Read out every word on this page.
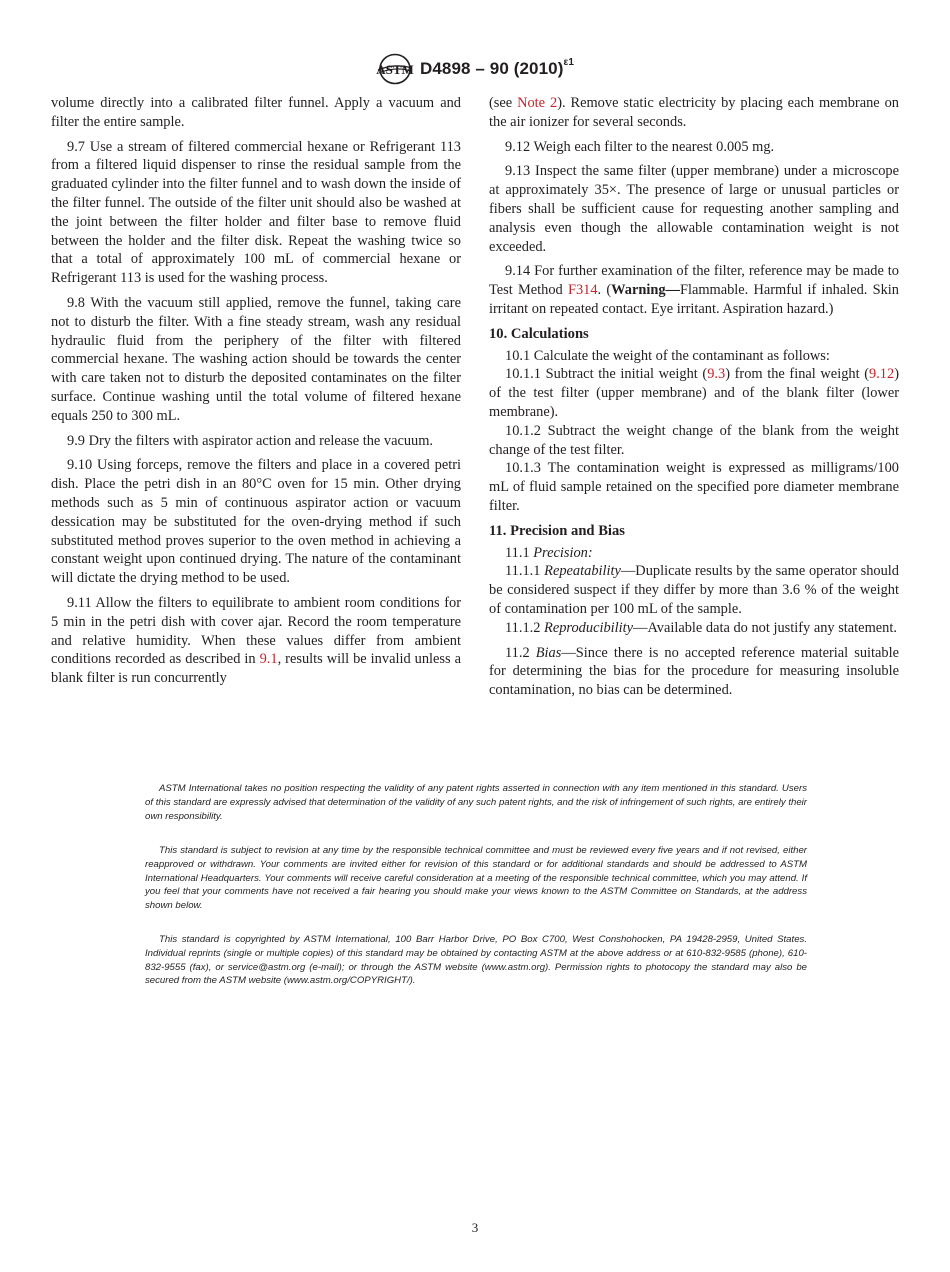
ASTM D4898 – 90 $(2010)^{\varepsilon 1}$

volume directly into a calibrated filter funnel. Apply a vacuum and filter the entire sample.

9.7 Use a stream of filtered commercial hexane or Refrigerant 113 from a filtered liquid dispenser to rinse the residual sample from the graduated cylinder into the filter funnel and to wash down the inside of the filter funnel. The outside of the filter unit should also be washed at the joint between the filter holder and filter base to remove fluid between the holder and the filter disk. Repeat the washing twice so that a total of approximately 100 mL of commercial hexane or Refrigerant 113 is used for the washing process.

9.8 With the vacuum still applied, remove the funnel, taking care not to disturb the filter. With a fine steady stream, wash any residual hydraulic fluid from the periphery of the filter with filtered commercial hexane. The washing action should be towards the center with care taken not to disturb the deposited contaminates on the filter surface. Continue washing until the total volume of filtered hexane equals 250 to 300 mL.

9.9 Dry the filters with aspirator action and release the vacuum.

9.10 Using forceps, remove the filters and place in a covered petri dish. Place the petri dish in an 80°C oven for 15 min. Other drying methods such as 5 min of continuous aspirator action or vacuum dessication may be substituted for the oven-drying method if such substituted method proves superior to the oven method in achieving a constant weight upon continued drying. The nature of the contaminant will dictate the drying method to be used.

9.11 Allow the filters to equilibrate to ambient room conditions for 5 min in the petri dish with cover ajar. Record the room temperature and relative humidity. When these values differ from ambient conditions recorded as described in 9.1, results will be invalid unless a blank filter is run concurrently

(see Note 2). Remove static electricity by placing each membrane on the air ionizer for several seconds.

9.12 Weigh each filter to the nearest 0.005 mg.

9.13 Inspect the same filter (upper membrane) under a microscope at approximately 35×. The presence of large or unusual particles or fibers shall be sufficient cause for requesting another sampling and analysis even though the allowable contamination weight is not exceeded.

9.14 For further examination of the filter, reference may be made to Test Method F314. (Warning—Flammable. Harmful if inhaled. Skin irritant on repeated contact. Eye irritant. Aspiration hazard.)

10. Calculations

10.1 Calculate the weight of the contaminant as follows:

10.1.1 Subtract the initial weight (9.3) from the final weight (9.12) of the test filter (upper membrane) and of the blank filter (lower membrane).

10.1.2 Subtract the weight change of the blank from the weight change of the test filter.

10.1.3 The contamination weight is expressed as milligrams/100 mL of fluid sample retained on the specified pore diameter membrane filter.

11. Precision and Bias

11.1 Precision:

11.1.1 Repeatability—Duplicate results by the same operator should be considered suspect if they differ by more than 3.6 % of the weight of contamination per 100 mL of the sample.

11.1.2 Reproducibility—Available data do not justify any statement.

11.2 Bias—Since there is no accepted reference material suitable for determining the bias for the procedure for measuring insoluble contamination, no bias can be determined.

ASTM International takes no position respecting the validity of any patent rights asserted in connection with any item mentioned in this standard. Users of this standard are expressly advised that determination of the validity of any such patent rights, and the risk of infringement of such rights, are entirely their own responsibility.

This standard is subject to revision at any time by the responsible technical committee and must be reviewed every five years and if not revised, either reapproved or withdrawn. Your comments are invited either for revision of this standard or for additional standards and should be addressed to ASTM International Headquarters. Your comments will receive careful consideration at a meeting of the responsible technical committee, which you may attend. If you feel that your comments have not received a fair hearing you should make your views known to the ASTM Committee on Standards, at the address shown below.

This standard is copyrighted by ASTM International, 100 Barr Harbor Drive, PO Box C700, West Conshohocken, PA 19428-2959, United States. Individual reprints (single or multiple copies) of this standard may be obtained by contacting ASTM at the above address or at 610-832-9585 (phone), 610-832-9555 (fax), or service@astm.org (e-mail); or through the ASTM website (www.astm.org). Permission rights to photocopy the standard may also be secured from the ASTM website (www.astm.org/COPYRIGHT/).

3
